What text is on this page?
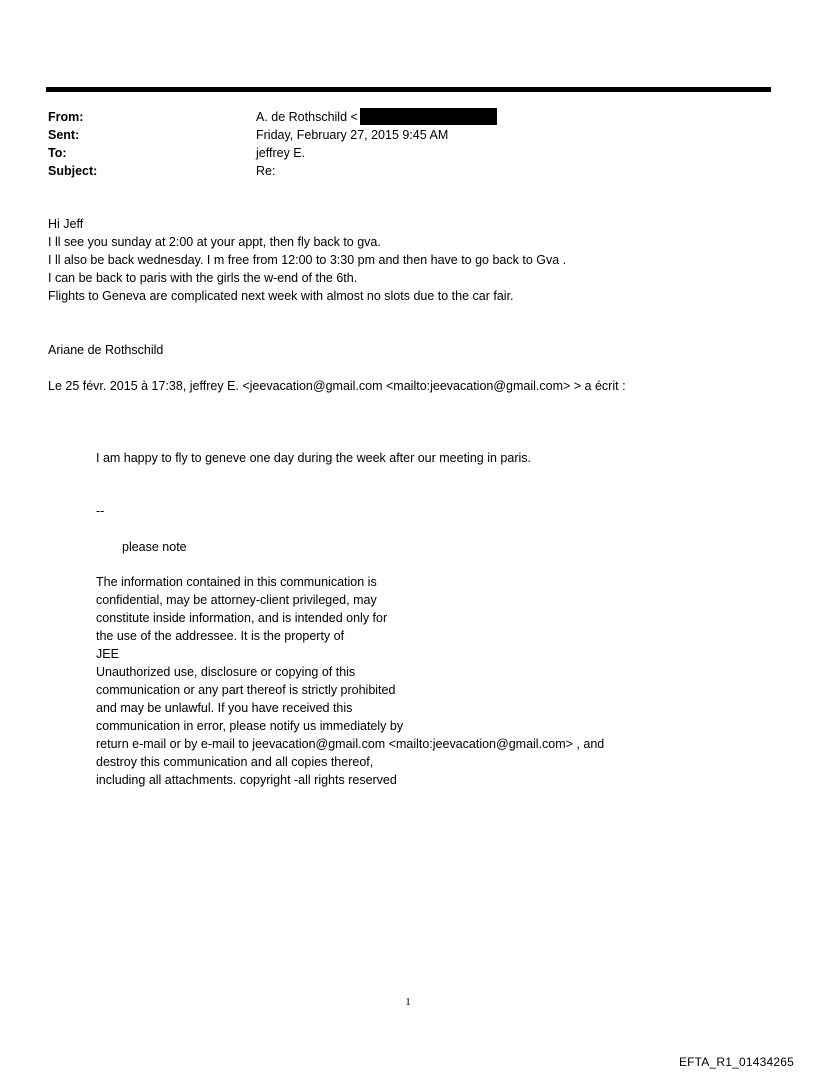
From:	A. de Rothschild <
Sent:	Friday, February 27, 2015 9:45 AM
To:	jeffrey E.
Subject:	Re:
Hi Jeff
I ll see you sunday at 2:00 at your appt, then fly back to gva.
I ll also be back wednesday. I m free from 12:00 to 3:30 pm and then have to go back to Gva .
I can be back to paris with the girls the w-end of the 6th.
Flights to Geneva are complicated next week with almost no slots due to the car fair.
Ariane de Rothschild
Le 25 févr. 2015 à 17:38, jeffrey E. <jeevacation@gmail.com <mailto:jeevacation@gmail.com> > a écrit :
I am happy to fly to geneve one day during the week after our meeting in paris.
--
please note
The information contained in this communication is
confidential, may be attorney-client privileged, may
constitute inside information, and is intended only for
the use of the addressee. It is the property of
JEE
Unauthorized use, disclosure or copying of this
communication or any part thereof is strictly prohibited
and may be unlawful. If you have received this
communication in error, please notify us immediately by
return e-mail or by e-mail to jeevacation@gmail.com <mailto:jeevacation@gmail.com> , and
destroy this communication and all copies thereof,
including all attachments. copyright -all rights reserved
1
EFTA_R1_01434265
